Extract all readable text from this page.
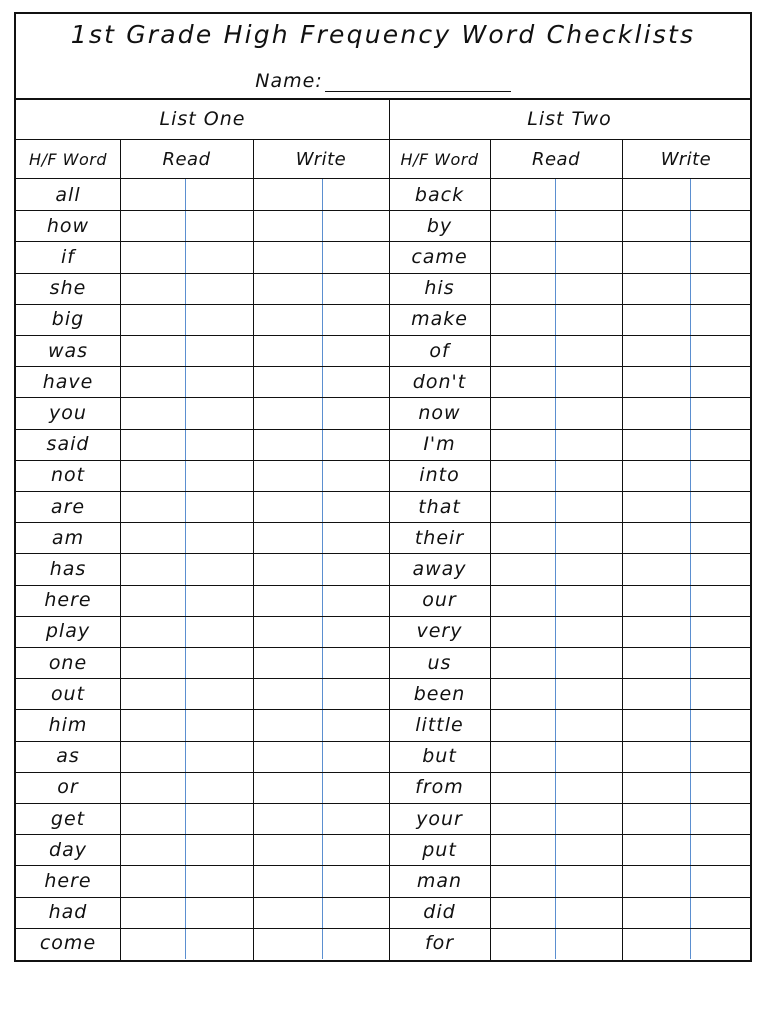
1st Grade High Frequency Word Checklists
Name:
List One
H/F Word	Read	Write
all
how
if
she
big
was
have
you
said
not
are
am
has
here
play
one
out
him
as
or
get
day
here
had
come
List Two
H/F Word	Read	Write
back
by
came
his
make
of
don't
now
I'm
into
that
their
away
our
very
us
been
little
but
from
your
put
man
did
for
